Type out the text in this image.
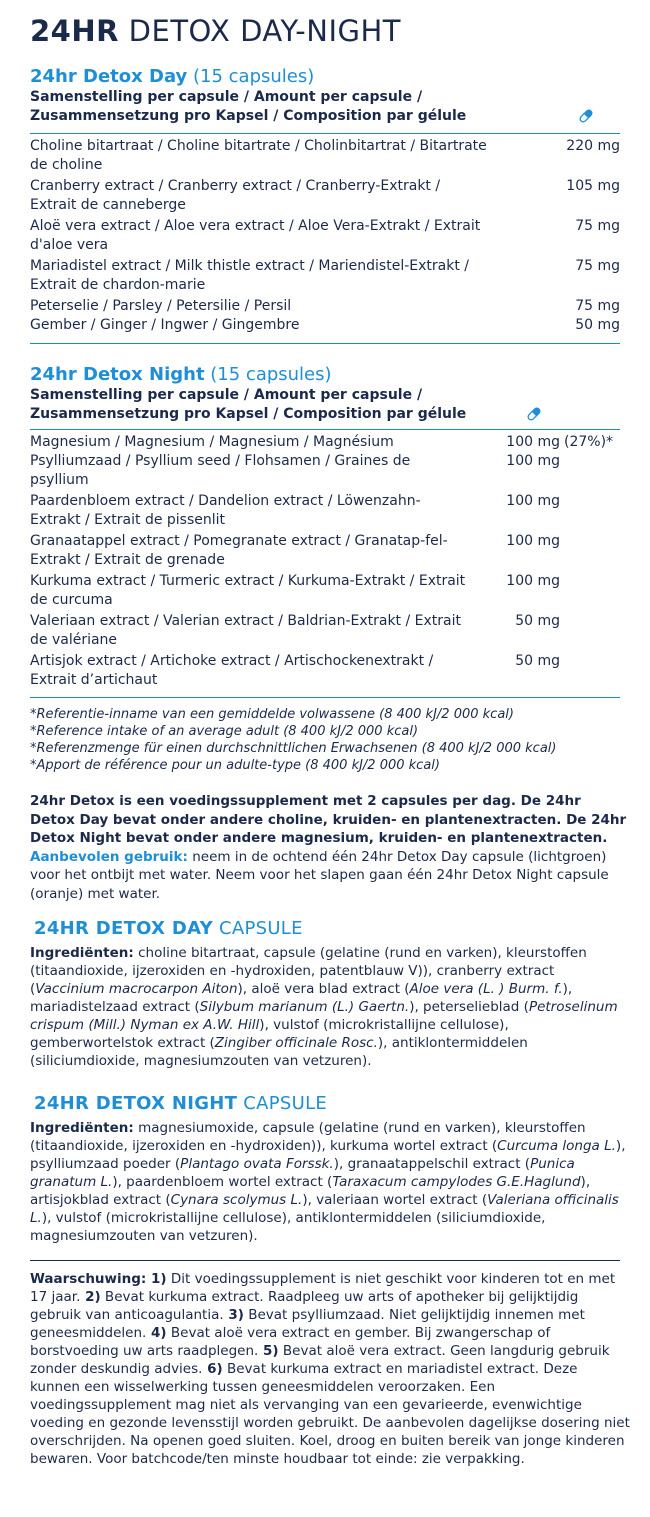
24HR DETOX DAY-NIGHT
24hr Detox Day (15 capsules)
Samenstelling per capsule / Amount per capsule /
Zusammensetzung pro Kapsel / Composition par gélule
Choline bitartraat / Choline bitartrate / Cholinbitartrat / Bitartrate de choline
220 mg
Cranberry extract / Cranberry extract / Cranberry-Extrakt / Extrait de canneberge
105 mg
Aloë vera extract / Aloe vera extract / Aloe Vera-Extrakt / Extrait d'aloe vera
75 mg
Mariadistel extract / Milk thistle extract / Mariendistel-Extrakt / Extrait de chardon-marie
75 mg
Peterselie / Parsley / Petersilie / Persil	75 mg
Gember / Ginger / Ingwer / Gingembre	50 mg
24hr Detox Night (15 capsules)
Samenstelling per capsule / Amount per capsule /
Zusammensetzung pro Kapsel / Composition par gélule
Magnesium / Magnesium / Magnesium / Magnésium	100 mg (27%)*
Psylliumzaad / Psyllium seed / Flohsamen / Graines de psyllium
100 mg
Paardenbloem extract / Dandelion extract / Löwenzahn-Extrakt / Extrait de pissenlit
100 mg
Granaatappel extract / Pomegranate extract / Granatap-fel-Extrakt / Extrait de grenade
100 mg
Kurkuma extract / Turmeric extract / Kurkuma-Extrakt / Extrait de curcuma
100 mg
Valeriaan extract / Valerian extract / Baldrian-Extrakt / Extrait de valériane
50 mg
Artisjok extract / Artichoke extract / Artischockenextrakt / Extrait d’artichaut
50 mg
*Referentie-inname van een gemiddelde volwassene (8 400 kJ/2 000 kcal)
*Reference intake of an average adult (8 400 kJ/2 000 kcal)
*Referenzmenge für einen durchschnittlichen Erwachsenen (8 400 kJ/2 000 kcal)
*Apport de référence pour un adulte-type (8 400 kJ/2 000 kcal)
24hr Detox is een voedingssupplement met 2 capsules per dag. De 24hr Detox Day bevat onder andere choline, kruiden- en plantenextracten. De 24hr Detox Night bevat onder andere magnesium, kruiden- en plantenextracten. Aanbevolen gebruik: neem in de ochtend één 24hr Detox Day capsule (lichtgroen) voor het ontbijt met water. Neem voor het slapen gaan één 24hr Detox Night capsule (oranje) met water.
24HR DETOX DAY CAPSULE
Ingrediënten: choline bitartraat, capsule (gelatine (rund en varken), kleurstoffen (titaandioxide, ijzeroxiden en -hydroxiden, patentblauw V)), cranberry extract (Vaccinium macrocarpon Aiton), aloë vera blad extract (Aloe vera (L. ) Burm. f.), mariadistelzaad extract (Silybum marianum (L.) Gaertn.), peterselieblad (Petroselinum crispum (Mill.) Nyman ex A.W. Hill), vulstof (microkristallijne cellulose), gemberwortelstok extract (Zingiber officinale Rosc.), antiklontermiddelen (siliciumdioxide, magnesiumzouten van vetzuren).
24HR DETOX NIGHT CAPSULE
Ingrediënten: magnesiumoxide, capsule (gelatine (rund en varken), kleurstoffen (titaandioxide, ijzeroxiden en -hydroxiden)), kurkuma wortel extract (Curcuma longa L.), psylliumzaad poeder (Plantago ovata Forssk.), granaatappelschil extract (Punica granatum L.), paardenbloem wortel extract (Taraxacum campylodes G.E.Haglund), artisjokblad extract (Cynara scolymus L.), valeriaan wortel extract (Valeriana officinalis L.), vulstof (microkristallijne cellulose), antiklontermiddelen (siliciumdioxide, magnesiumzouten van vetzuren).
Waarschuwing: 1) Dit voedingssupplement is niet geschikt voor kinderen tot en met 17 jaar. 2) Bevat kurkuma extract. Raadpleeg uw arts of apotheker bij gelijktijdig gebruik van anticoagulantia. 3) Bevat psylliumzaad. Niet gelijktijdig innemen met geneesmiddelen. 4) Bevat aloë vera extract en gember. Bij zwangerschap of borstvoeding uw arts raadplegen. 5) Bevat aloë vera extract. Geen langdurig gebruik zonder deskundig advies. 6) Bevat kurkuma extract en mariadistel extract. Deze kunnen een wisselwerking tussen geneesmiddelen veroorzaken. Een voedingssupplement mag niet als vervanging van een gevarieerde, evenwichtige voeding en gezonde levensstijl worden gebruikt. De aanbevolen dagelijkse dosering niet overschrijden. Na openen goed sluiten. Koel, droog en buiten bereik van jonge kinderen bewaren. Voor batchcode/ten minste houdbaar tot einde: zie verpakking.
